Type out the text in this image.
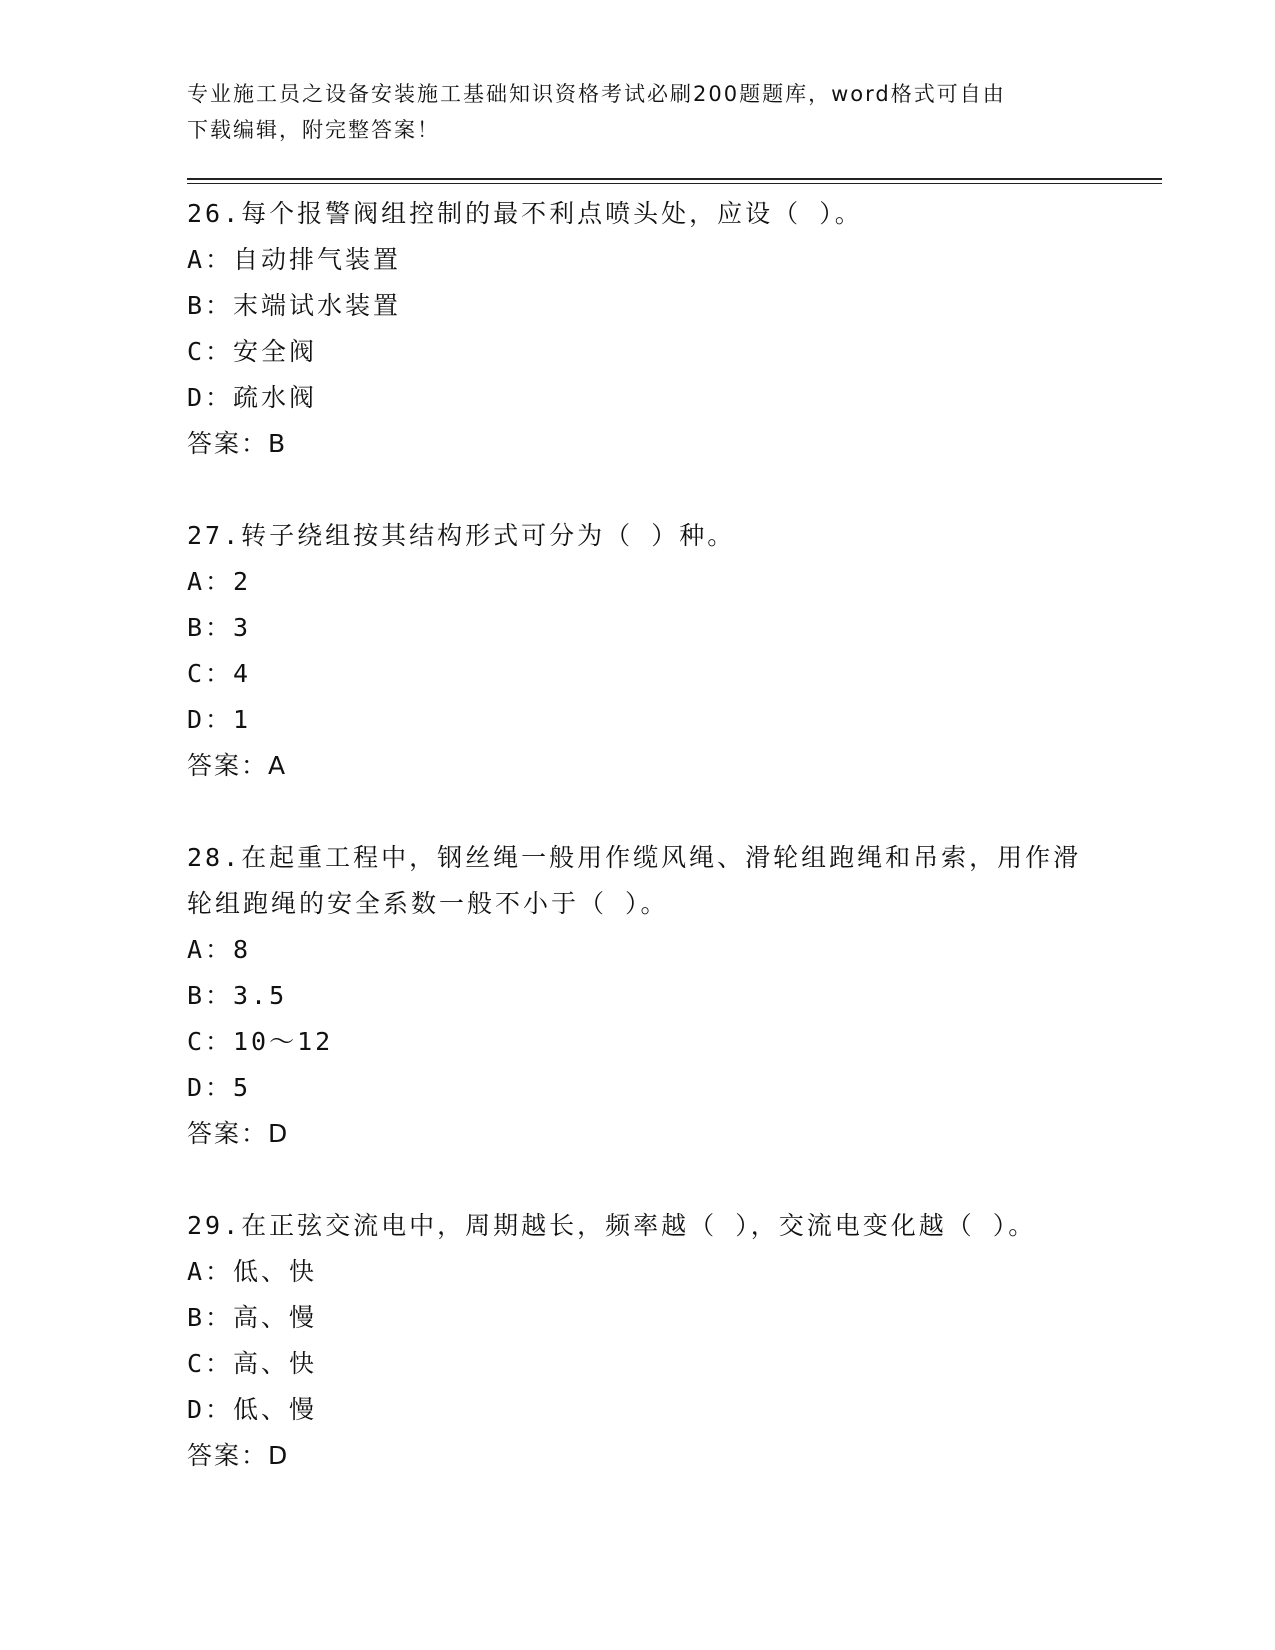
专业施工员之设备安装施工基础知识资格考试必刷200题题库，word格式可自由

下载编辑，附完整答案！

26.每个报警阀组控制的最不利点喷头处，应设（ ）。

A：自动排气装置

B：末端试水装置

C：安全阀

D：疏水阀

答案：B

27.转子绕组按其结构形式可分为（ ）种。

A：2

B：3

C：4

D：1

答案：A

28.在起重工程中，钢丝绳一般用作缆风绳、滑轮组跑绳和吊索，用作滑轮组跑绳的安全系数一般不小于（ ）。

A：8

B：3.5

C：10～12

D：5

答案：D

29.在正弦交流电中，周期越长，频率越（ ），交流电变化越（ ）。

A：低、快

B：高、慢

C：高、快

D：低、慢

答案：D
